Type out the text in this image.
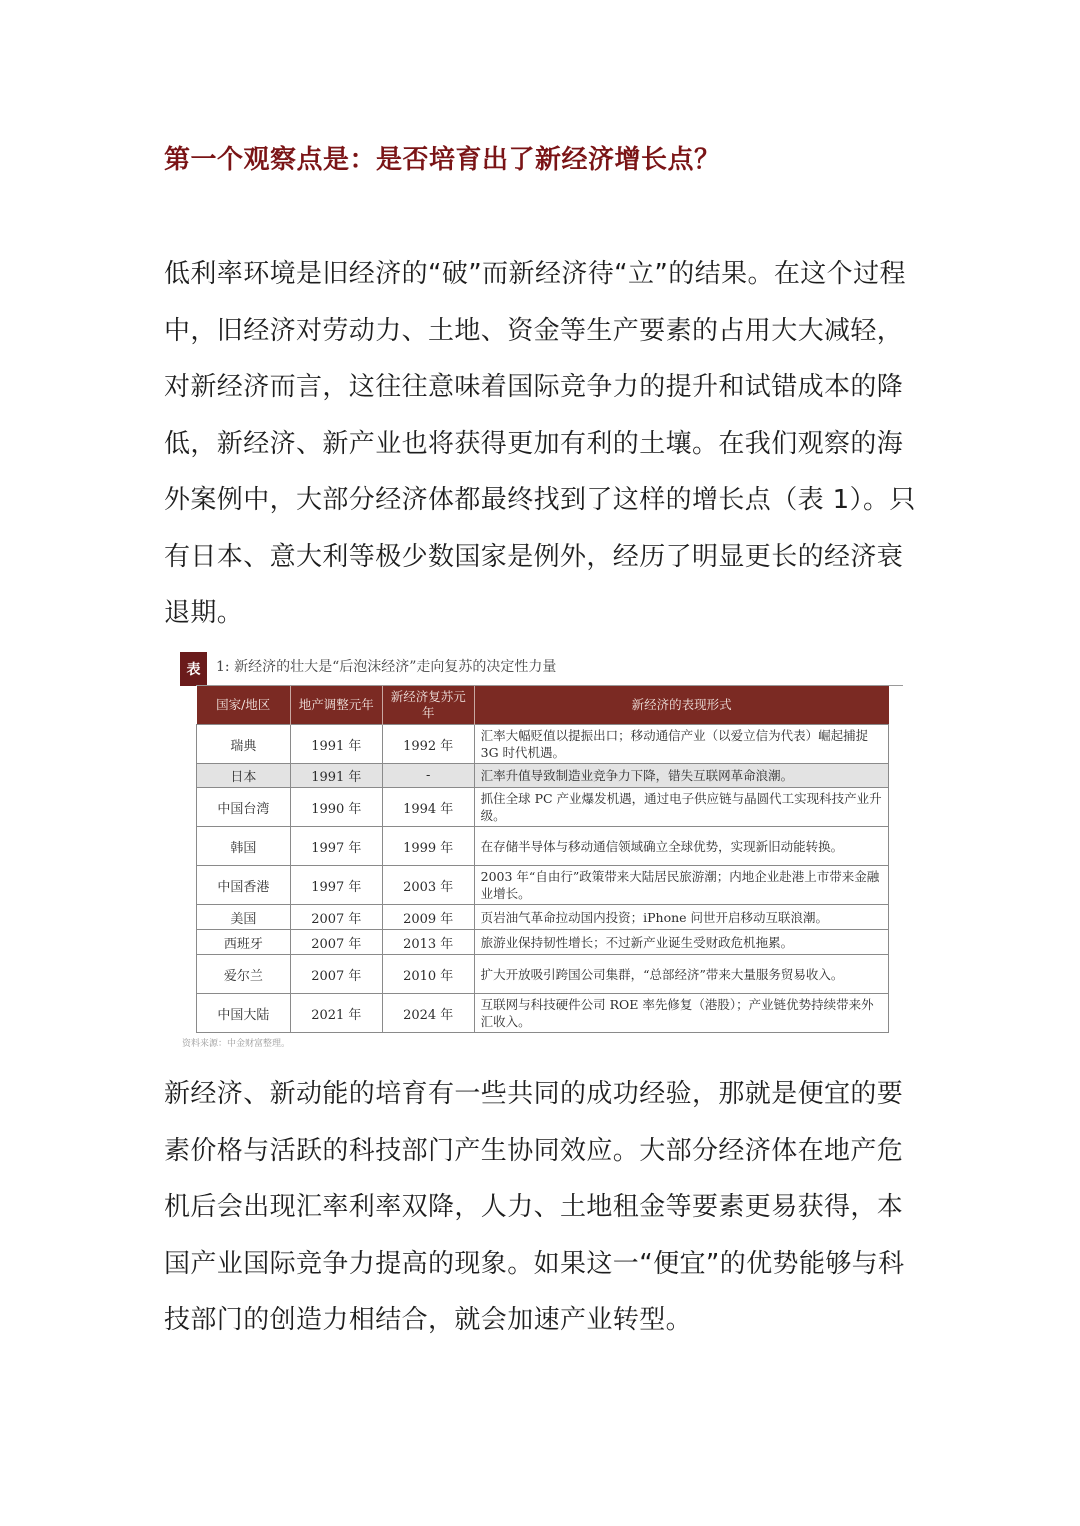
第一个观察点是：是否培育出了新经济增长点？
低利率环境是旧经济的“破”而新经济待“立”的结果。在这个过程中，旧经济对劳动力、土地、资金等生产要素的占用大大减轻，对新经济而言，这往往意味着国际竞争力的提升和试错成本的降低，新经济、新产业也将获得更加有利的土壤。在我们观察的海外案例中，大部分经济体都最终找到了这样的增长点（表 1）。只有日本、意大利等极少数国家是例外，经历了明显更长的经济衰退期。
表	1: 新经济的壮大是“后泡沫经济”走向复苏的决定性力量
国家/地区	地产调整元年	新经济复苏元年	新经济的表现形式
瑞典	1991 年	1992 年	汇率大幅贬值以提振出口；移动通信产业（以爱立信为代表）崛起捕捉 3G 时代机遇。
日本	1991 年	-	汇率升值导致制造业竞争力下降，错失互联网革命浪潮。
中国台湾	1990 年	1994 年	抓住全球 PC 产业爆发机遇，通过电子供应链与晶圆代工实现科技产业升级。
韩国	1997 年	1999 年	在存储半导体与移动通信领域确立全球优势，实现新旧动能转换。
中国香港	1997 年	2003 年	2003 年“自由行”政策带来大陆居民旅游潮；内地企业赴港上市带来金融业增长。
美国	2007 年	2009 年	页岩油气革命拉动国内投资；iPhone 问世开启移动互联浪潮。
西班牙	2007 年	2013 年	旅游业保持韧性增长；不过新产业诞生受财政危机拖累。
爱尔兰	2007 年	2010 年	扩大开放吸引跨国公司集群，“总部经济”带来大量服务贸易收入。
中国大陆	2021 年	2024 年	互联网与科技硬件公司 ROE 率先修复（港股）；产业链优势持续带来外汇收入。
资料来源：中金财富整理。
新经济、新动能的培育有一些共同的成功经验，那就是便宜的要素价格与活跃的科技部门产生协同效应。大部分经济体在地产危机后会出现汇率利率双降，人力、土地租金等要素更易获得，本国产业国际竞争力提高的现象。如果这一“便宜”的优势能够与科技部门的创造力相结合，就会加速产业转型。
